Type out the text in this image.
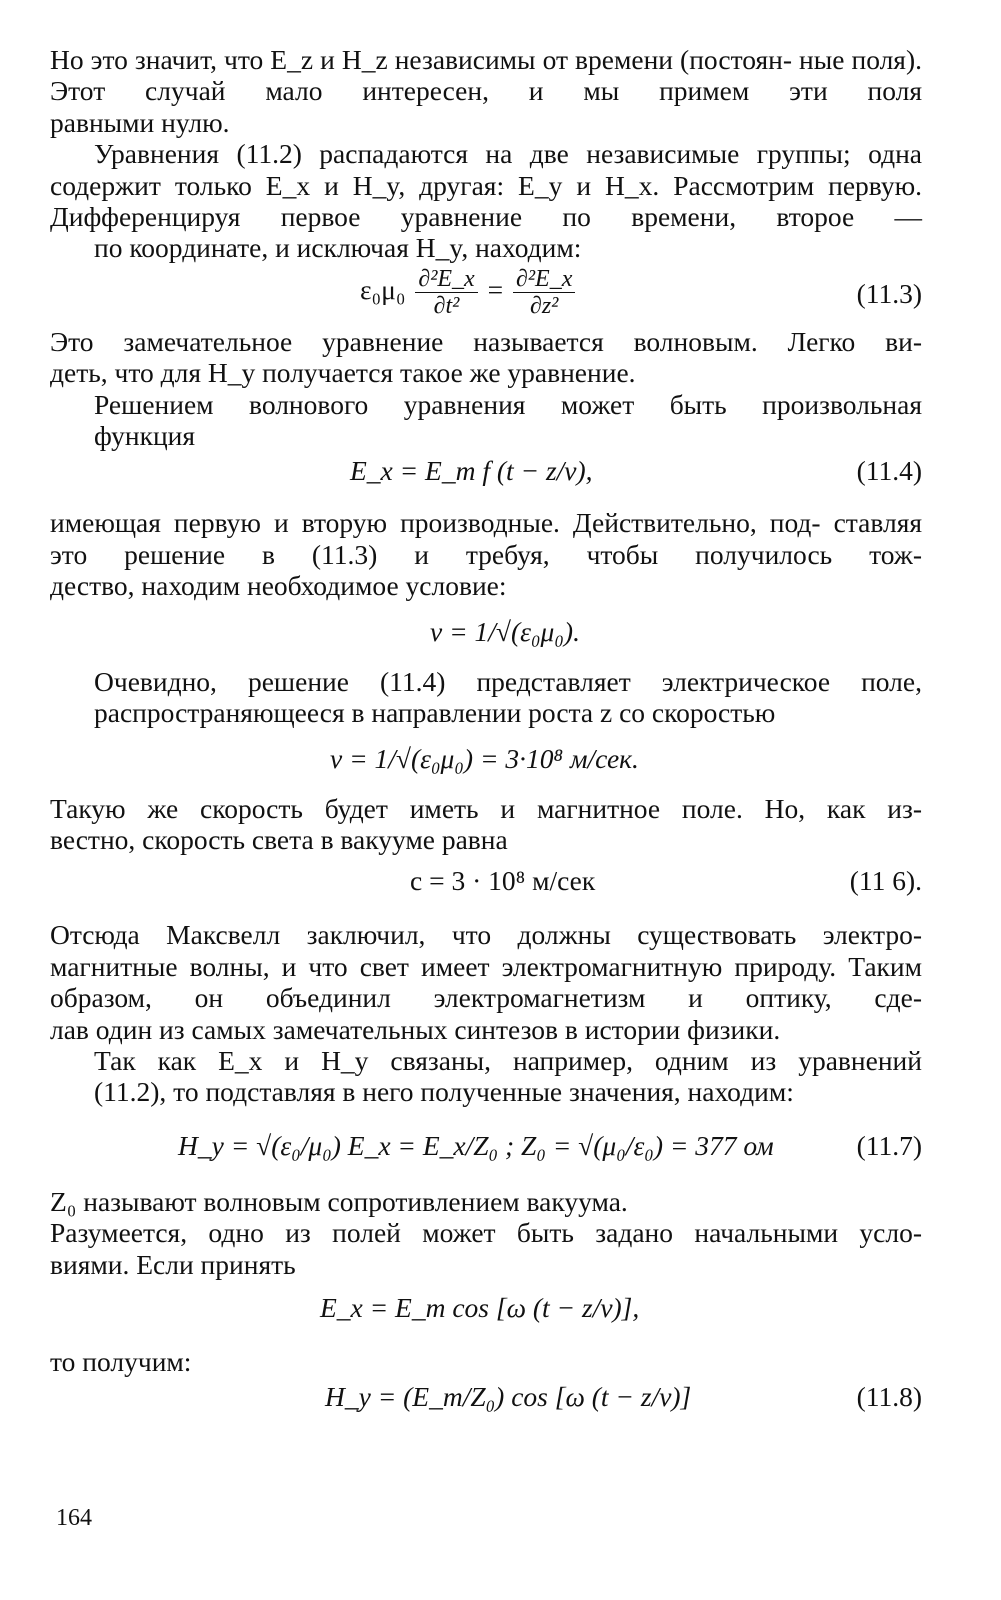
Но это значит, что E_z и H_z независимы от времени (постоян- ные поля). Этот случай мало интересен, и мы примем эти поля
равными нулю.

Уравнения (11.2) распадаются на две независимые группы; одна содержит только E_x и H_y, другая: E_y и H_x. Рассмотрим первую. Дифференцируя первое уравнение по времени, второе —
по координате, и исключая H_y, находим:

$\varepsilon_0\mu_0 \frac{\text{∂²E\_x}}{\text{∂t²}} = \frac{\text{∂²E\_x}}{\text{∂z²}}$	(11.3)

Это замечательное уравнение называется волновым. Легко ви-
деть, что для H_y получается такое же уравнение.

Решением волнового уравнения может быть произвольная
функция

E_x = E_m f (t − z/v),	(11.4)

имеющая первую и вторую производные. Действительно, под- ставляя это решение в (11.3) и требуя, чтобы получилось тож-
дество, находим необходимое условие:

v = 1/√(ε₀μ₀).

Очевидно, решение (11.4) представляет электрическое поле,
распространяющееся в направлении роста z со скоростью

v = 1/√(ε₀μ₀) = 3·10⁸ м/сек.

Такую же скорость будет иметь и магнитное поле. Но, как из-
вестно, скорость света в вакууме равна

c = 3 · 10⁸ м/сек	(11 6).

Отсюда Максвелл заключил, что должны существовать электро- магнитные волны, и что свет имеет электромагнитную природу. Таким образом, он объединил электромагнетизм и оптику, сде-
лав один из самых замечательных синтезов в истории физики.

Так как E_x и H_y связаны, например, одним из уравнений
(11.2), то подставляя в него полученные значения, находим:

H_y = √(ε₀/μ₀) E_x = E_x/Z₀ ; Z₀ = √(μ₀/ε₀) = 377 ом	(11.7)

Z₀ называют волновым сопротивлением вакуума.

Разумеется, одно из полей может быть задано начальными усло-
виями. Если принять

E_x = E_m cos [ω (t − z/v)],

то получим:

H_y = (E_m/Z₀) cos [ω (t − z/v)]	(11.8)
164
